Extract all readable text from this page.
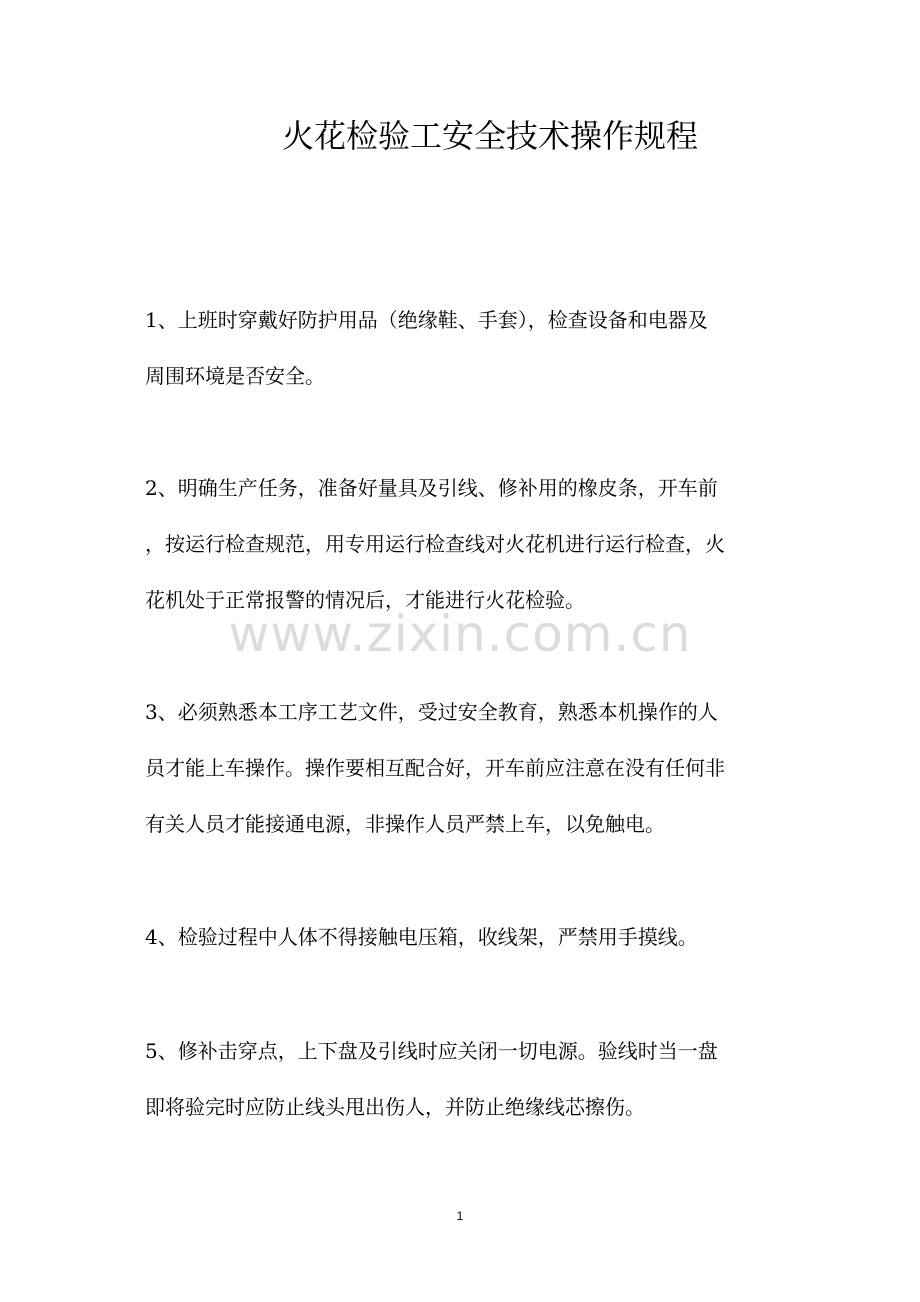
火花检验工安全技术操作规程
1、上班时穿戴好防护用品（绝缘鞋、手套），检查设备和电器及
周围环境是否安全。
2、明确生产任务，准备好量具及引线、修补用的橡皮条，开车前
，按运行检查规范，用专用运行检查线对火花机进行运行检查，火
花机处于正常报警的情况后，才能进行火花检验。
3、必须熟悉本工序工艺文件，受过安全教育，熟悉本机操作的人
员才能上车操作。操作要相互配合好，开车前应注意在没有任何非
有关人员才能接通电源，非操作人员严禁上车，以免触电。
4、检验过程中人体不得接触电压箱，收线架，严禁用手摸线。
5、修补击穿点，上下盘及引线时应关闭一切电源。验线时当一盘
即将验完时应防止线头甩出伤人，并防止绝缘线芯擦伤。
www.zixin.com.cn
1
